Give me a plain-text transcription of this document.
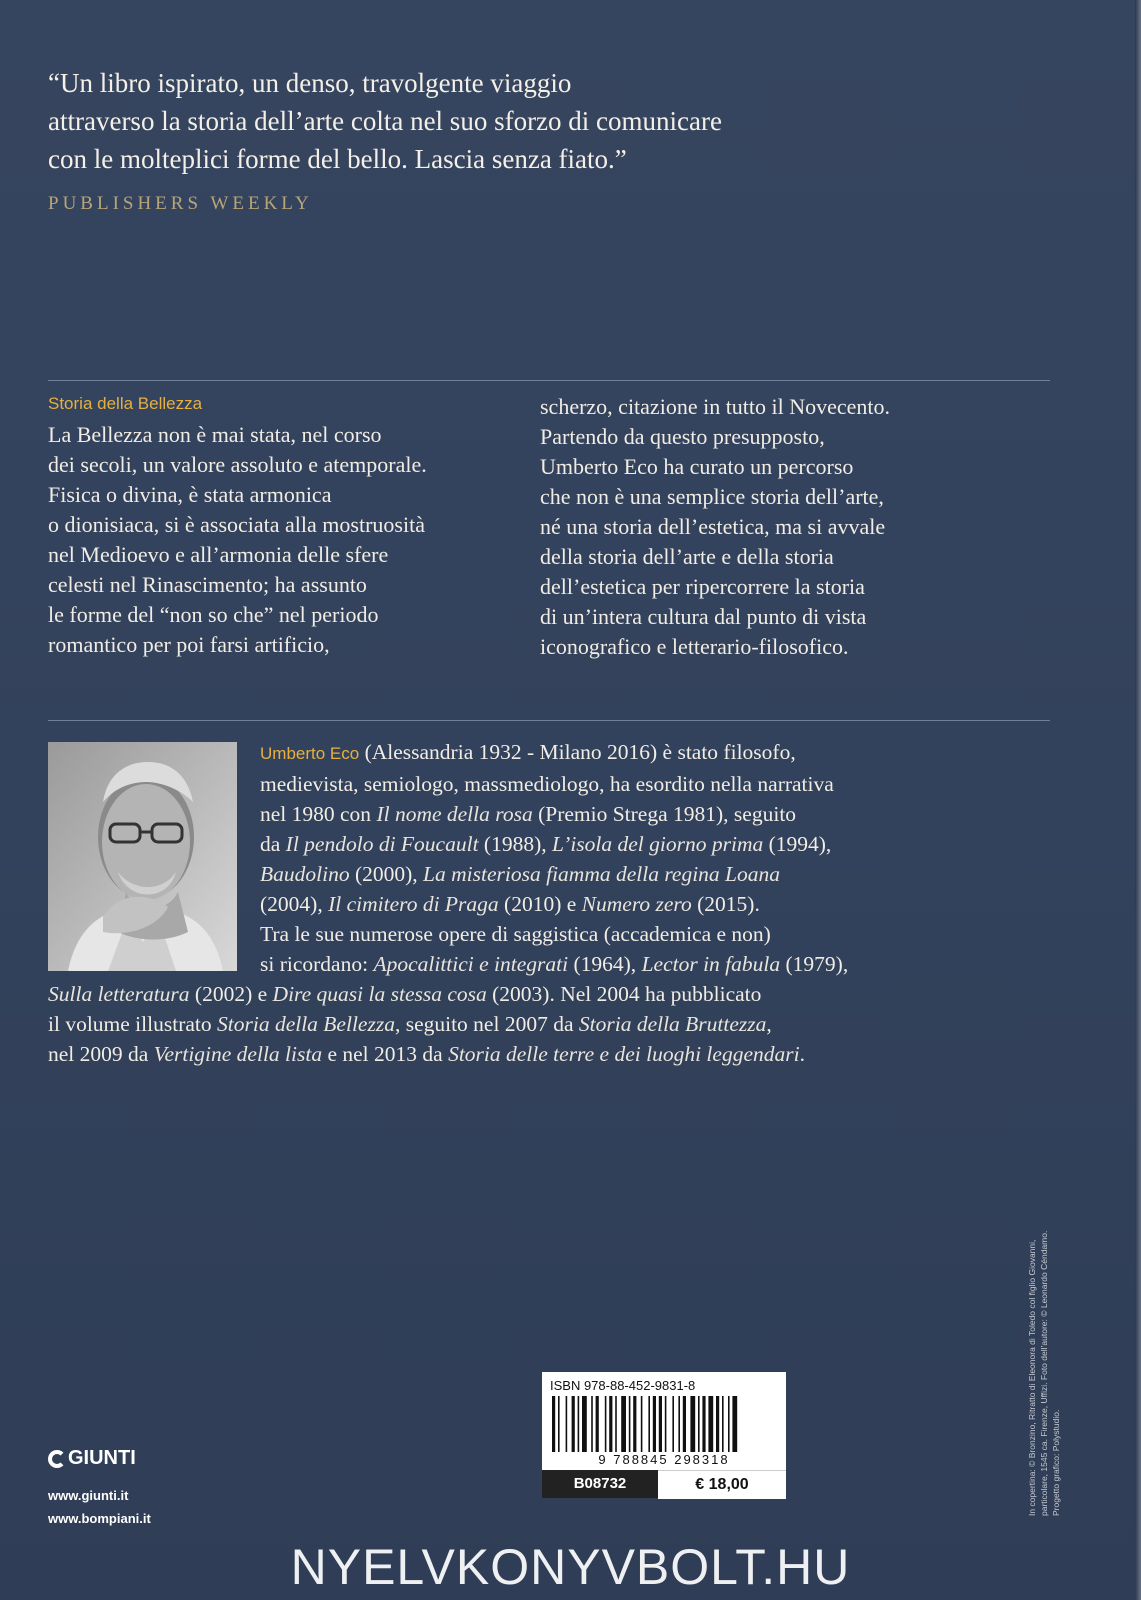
“Un libro ispirato, un denso, travolgente viaggio
attraverso la storia dell’arte colta nel suo sforzo di comunicare
con le molteplici forme del bello. Lascia senza fiato.”
PUBLISHERS WEEKLY
Storia della Bellezza
La Bellezza non è mai stata, nel corso
dei secoli, un valore assoluto e atemporale.
Fisica o divina, è stata armonica
o dionisiaca, si è associata alla mostruosità
nel Medioevo e all’armonia delle sfere
celesti nel Rinascimento; ha assunto
le forme del “non so che” nel periodo
romantico per poi farsi artificio,
scherzo, citazione in tutto il Novecento.
Partendo da questo presupposto,
Umberto Eco ha curato un percorso
che non è una semplice storia dell’arte,
né una storia dell’estetica, ma si avvale
della storia dell’arte e della storia
dell’estetica per ripercorrere la storia
di un’intera cultura dal punto di vista
iconografico e letterario-filosofico.
Umberto Eco (Alessandria 1932 - Milano 2016) è stato filosofo,
medievista, semiologo, massmediologo, ha esordito nella narrativa
nel 1980 con Il nome della rosa (Premio Strega 1981), seguito
da Il pendolo di Foucault (1988), L’isola del giorno prima (1994),
Baudolino (2000), La misteriosa fiamma della regina Loana
(2004), Il cimitero di Praga (2010) e Numero zero (2015).
Tra le sue numerose opere di saggistica (accademica e non)
si ricordano: Apocalittici e integrati (1964), Lector in fabula (1979),
Sulla letteratura (2002) e Dire quasi la stessa cosa (2003). Nel 2004 ha pubblicato
il volume illustrato Storia della Bellezza, seguito nel 2007 da Storia della Bruttezza,
nel 2009 da Vertigine della lista e nel 2013 da Storia delle terre e dei luoghi leggendari.
GIUNTI
www.giunti.it
www.bompiani.it
ISBN 978-88-452-9831-8
9 788845 298318
B08732	€ 18,00	In copertina: © Bronzino, Ritratto di Eleonora di Toledo col figlio Giovanni, particolare, 1545 ca. Firenze, Uffizi. Foto dell’autore: © Leonardo Céndamo. Progetto grafico: Polystudio.
NYELVKONYVBOLT.HU
